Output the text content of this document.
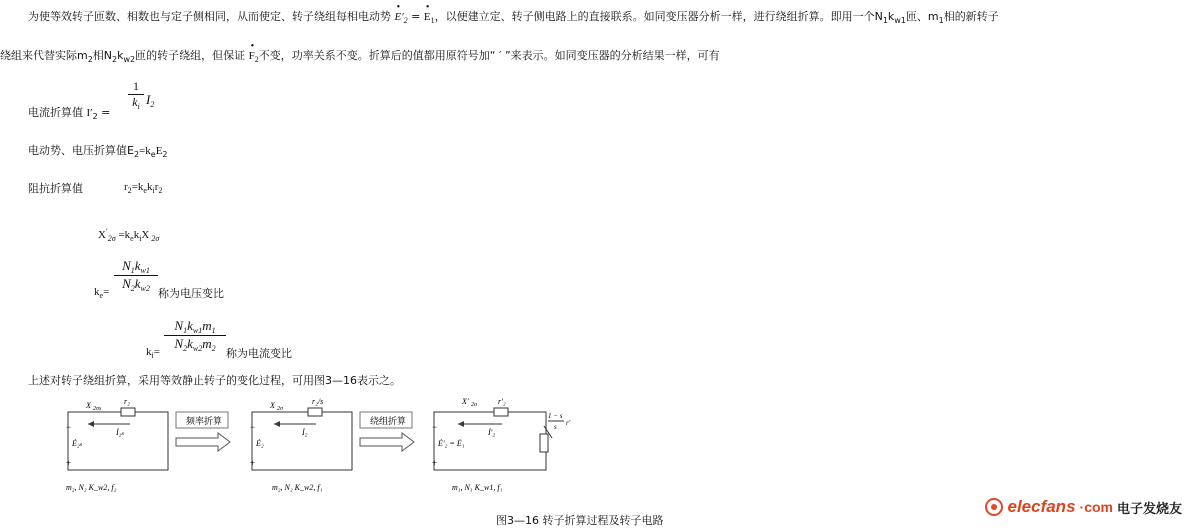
为使等效转子匝数、相数也与定子侧相同，从而使定、转子绕组每相电动势
•
$E'_2$ =
•
$E_1$，以便建立定、转子侧电路上的直接联系。如同变压器分析一样，进行绕组折算。即用一个$N_1k_{w1}$匝、$m_1$相的新转子
绕组来代替实际$m_2$相$N_2k_{w2}$匝的转子绕组，但保证
•
$F_2$不变，功率关系不变。折算后的值都用原符号加“ ′ ”来表示。如同变压器的分析结果一样，可有
电流折算值 $I'_2$ =
$\frac{1}{k_i} I_2$
电动势、电压折算值$E_2=k_eE_2$
阻抗折算值	$r_2=k_ek_ir_2$
$X'_{2\sigma} =k_ek_iX$ $_{2\sigma}$
$\frac{N_1k_{w1}}{N_2k_{w2}}$
$k_e=$	称为电压变比
$\frac{N_1k_{w1}m_1}{N_2k_{w2}m_2}$
$k_i=$	称为电流变比
上述对转子绕组折算，采用等效静止转子的变化过程，可用图3—16表示之。
X 2σs
r₂
İ₂ₛ
−
Ė₂ₛ
+
m₂, N₂ K_w2, f₂
频率折算
X 2σ
r₂/s
İ₂
−
Ė₂
+
m₂, N₂ K_w2, f₁
绕组折算
X′ 2σ	r′₂
İ′₂
−
Ė′₂ = Ė₁
+
1 − s
s r′
m₁, N₁ K_w1, f₁
图3—16 转子折算过程及转子电路
elecfans ·com 电子发烧友
